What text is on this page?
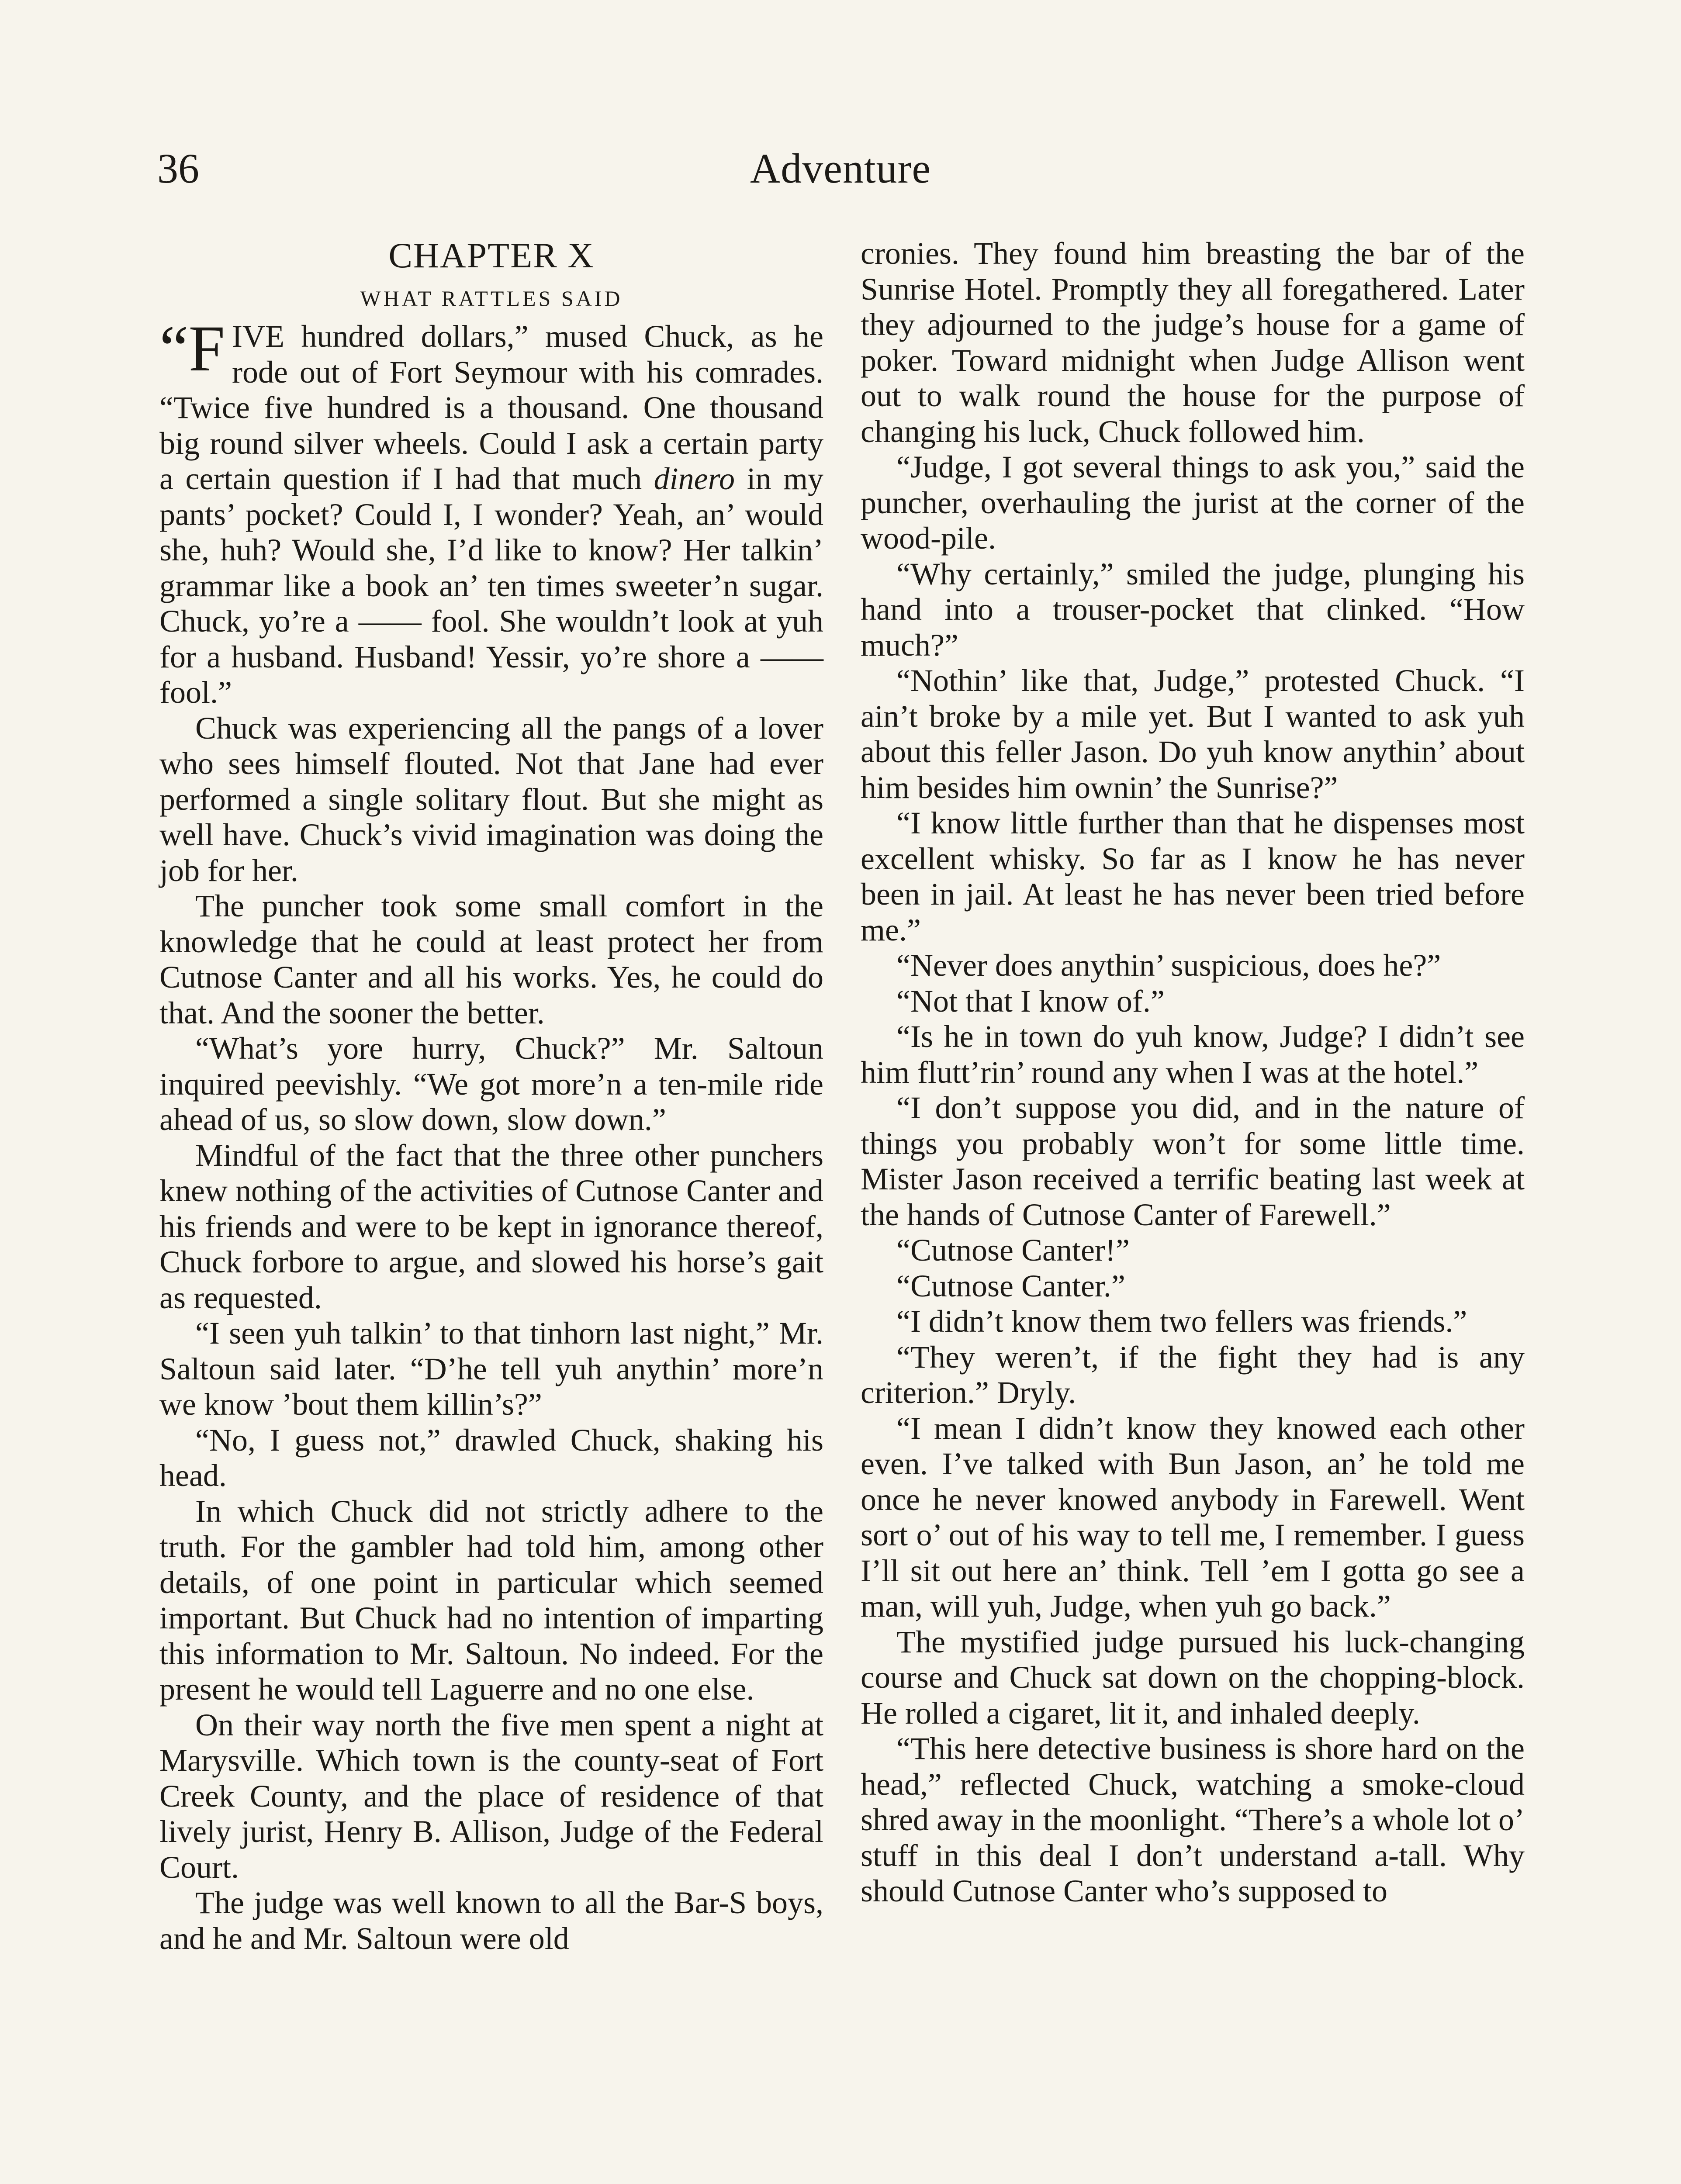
36	Adventure
CHAPTER X
WHAT RATTLES SAID

“F IVE hundred dollars,” mused Chuck, as he rode out of Fort Seymour with his comrades. “Twice five hundred is a thousand. One thousand big round silver wheels. Could I ask a certain party a certain question if I had that much dinero in my pants’ pocket? Could I, I wonder? Yeah, an’ would she, huh? Would she, I’d like to know? Her talkin’ grammar like a book an’ ten times sweeter’n sugar. Chuck, yo’re a —— fool. She wouldn’t look at yuh for a husband. Husband! Yessir, yo’re shore a —— fool.”

Chuck was experiencing all the pangs of a lover who sees himself flouted. Not that Jane had ever performed a single solitary flout. But she might as well have. Chuck’s vivid imagination was doing the job for her.

The puncher took some small comfort in the knowledge that he could at least protect her from Cutnose Canter and all his works. Yes, he could do that. And the sooner the better.

“What’s yore hurry, Chuck?” Mr. Saltoun inquired peevishly. “We got more’n a ten-mile ride ahead of us, so slow down, slow down.”

Mindful of the fact that the three other punchers knew nothing of the activities of Cutnose Canter and his friends and were to be kept in ignorance thereof, Chuck forbore to argue, and slowed his horse’s gait as requested.

“I seen yuh talkin’ to that tinhorn last night,” Mr. Saltoun said later. “D’he tell yuh anythin’ more’n we know ’bout them killin’s?”

“No, I guess not,” drawled Chuck, shaking his head.

In which Chuck did not strictly adhere to the truth. For the gambler had told him, among other details, of one point in particular which seemed important. But Chuck had no intention of imparting this information to Mr. Saltoun. No indeed. For the present he would tell Laguerre and no one else.

On their way north the five men spent a night at Marysville. Which town is the county-seat of Fort Creek County, and the place of residence of that lively jurist, Henry B. Allison, Judge of the Federal Court.

The judge was well known to all the Bar-S boys, and he and Mr. Saltoun were old

cronies. They found him breasting the bar of the Sunrise Hotel. Promptly they all foregathered. Later they adjourned to the judge’s house for a game of poker. Toward midnight when Judge Allison went out to walk round the house for the purpose of changing his luck, Chuck followed him.

“Judge, I got several things to ask you,” said the puncher, overhauling the jurist at the corner of the wood-pile.

“Why certainly,” smiled the judge, plunging his hand into a trouser-pocket that clinked. “How much?”

“Nothin’ like that, Judge,” protested Chuck. “I ain’t broke by a mile yet. But I wanted to ask yuh about this feller Jason. Do yuh know anythin’ about him besides him ownin’ the Sunrise?”

“I know little further than that he dispenses most excellent whisky. So far as I know he has never been in jail. At least he has never been tried before me.”

“Never does anythin’ suspicious, does he?”

“Not that I know of.”

“Is he in town do yuh know, Judge? I didn’t see him flutt’rin’ round any when I was at the hotel.”

“I don’t suppose you did, and in the nature of things you probably won’t for some little time. Mister Jason received a terrific beating last week at the hands of Cutnose Canter of Farewell.”

“Cutnose Canter!”

“Cutnose Canter.”

“I didn’t know them two fellers was friends.”

“They weren’t, if the fight they had is any criterion.” Dryly.

“I mean I didn’t know they knowed each other even. I’ve talked with Bun Jason, an’ he told me once he never knowed anybody in Farewell. Went sort o’ out of his way to tell me, I remember. I guess I’ll sit out here an’ think. Tell ’em I gotta go see a man, will yuh, Judge, when yuh go back.”

The mystified judge pursued his luck-changing course and Chuck sat down on the chopping-block. He rolled a cigaret, lit it, and inhaled deeply.

“This here detective business is shore hard on the head,” reflected Chuck, watching a smoke-cloud shred away in the moonlight. “There’s a whole lot o’ stuff in this deal I don’t understand a-tall. Why should Cutnose Canter who’s supposed to
